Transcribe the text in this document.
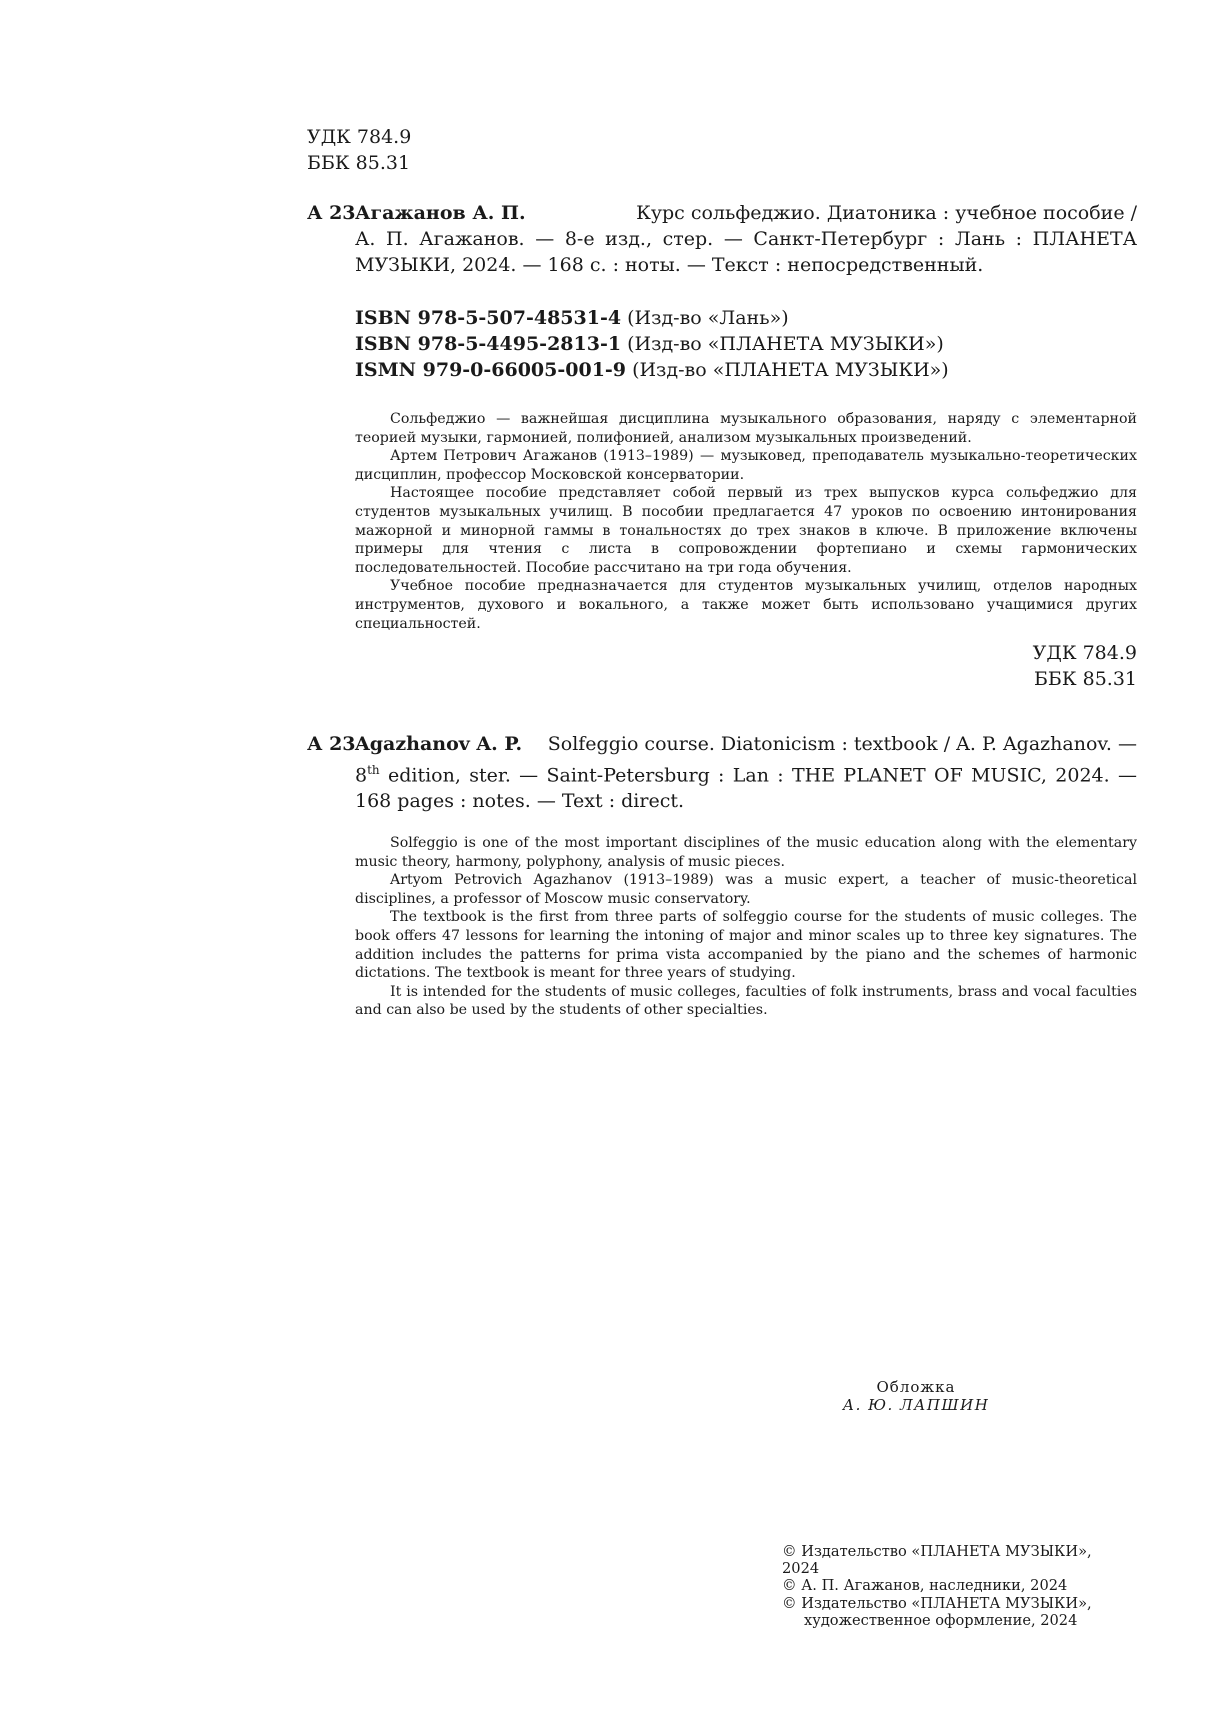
УДК 784.9
ББК 85.31
А 23 Агажанов А. П.	Курс сольфеджио. Диатоника : учебное пособие /
А. П. Агажанов. — 8-е изд., стер. — Санкт-Петербург : Лань : ПЛАНЕТА МУЗЫКИ, 2024. — 168 с. : ноты. — Текст : непосредственный.
ISBN 978-5-507-48531-4 (Изд-во «Лань»)
ISBN 978-5-4495-2813-1 (Изд-во «ПЛАНЕТА МУЗЫКИ»)
ISMN 979-0-66005-001-9 (Изд-во «ПЛАНЕТА МУЗЫКИ»)

Сольфеджио — важнейшая дисциплина музыкального образования, наряду с элементарной теорией музыки, гармонией, полифонией, анализом музыкальных произведений.

Артем Петрович Агажанов (1913–1989) — музыковед, преподаватель музыкально-теоретических дисциплин, профессор Московской консерватории.

Настоящее пособие представляет собой первый из трех выпусков курса сольфеджио для студентов музыкальных училищ. В пособии предлагается 47 уроков по освоению интонирования мажорной и минорной гаммы в тональностях до трех знаков в ключе. В приложение включены примеры для чтения с листа в сопровождении фортепиано и схемы гармонических последовательностей. Пособие рассчитано на три года обучения.

Учебное пособие предназначается для студентов музыкальных училищ, отделов народных инструментов, духового и вокального, а также может быть использовано учащимися других специальностей.

УДК 784.9
ББК 85.31
А 23 Agazhanov A. P. Solfeggio course. Diatonicism : textbook / A. P. Agazhanov. —
8th edition, ster. — Saint-Petersburg : Lan : THE PLANET OF MUSIC, 2024. — 168 pages : notes. — Text : direct.

Solfeggio is one of the most important disciplines of the music education along with the elementary music theory, harmony, polyphony, analysis of music pieces.

Artyom Petrovich Agazhanov (1913–1989) was a music expert, a teacher of music-theoretical disciplines, a professor of Moscow music conservatory.

The textbook is the first from three parts of solfeggio course for the students of music colleges. The book offers 47 lessons for learning the intoning of major and minor scales up to three key signatures. The addition includes the patterns for prima vista accompanied by the piano and the schemes of harmonic dictations. The textbook is meant for three years of studying.

It is intended for the students of music colleges, faculties of folk instruments, brass and vocal faculties and can also be used by the students of other specialties.

Обложка
А. Ю. ЛАПШИН
© Издательство «ПЛАНЕТА МУЗЫКИ»,
2024
© А. П. Агажанов, наследники, 2024
© Издательство «ПЛАНЕТА МУЗЫКИ»,
художественное оформление, 2024
